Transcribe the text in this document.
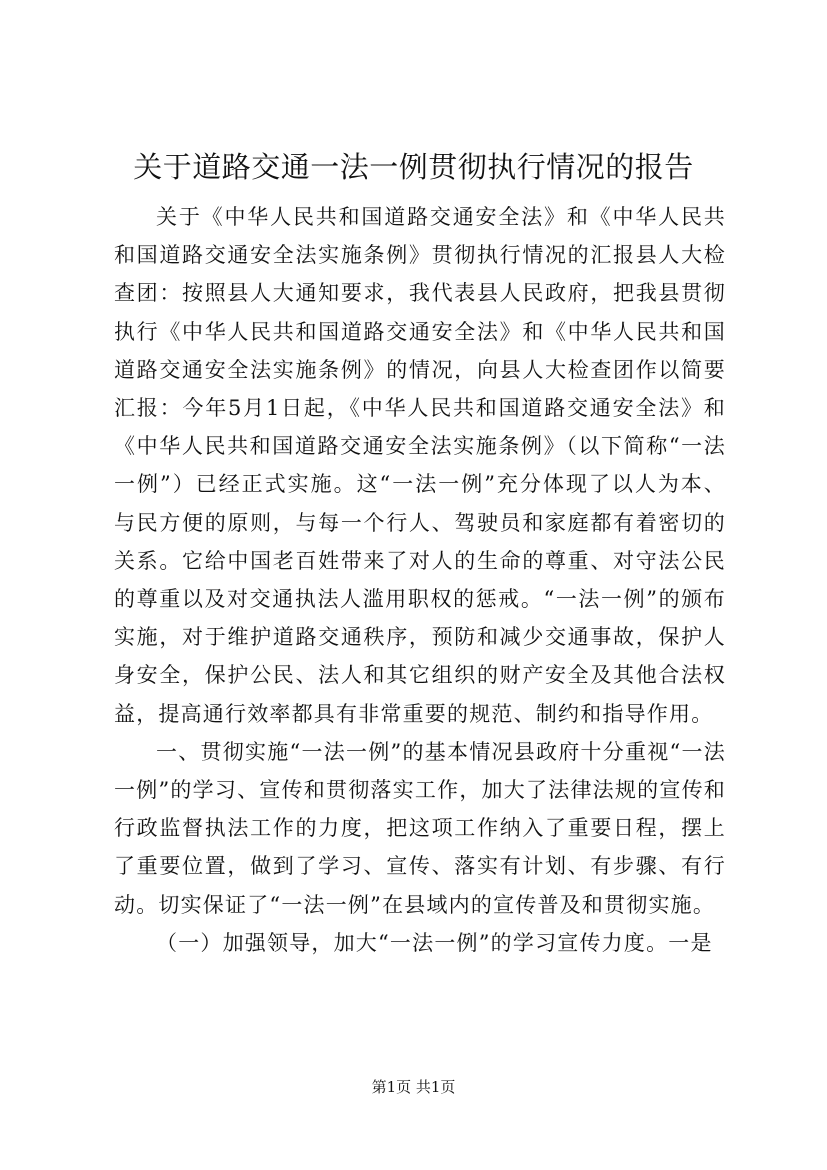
关于道路交通一法一例贯彻执行情况的报告

关于《中华人民共和国道路交通安全法》和《中华人民共和国道路交通安全法实施条例》贯彻执行情况的汇报县人大检查团：按照县人大通知要求，我代表县人民政府，把我县贯彻执行《中华人民共和国道路交通安全法》和《中华人民共和国道路交通安全法实施条例》的情况，向县人大检查团作以简要汇报：今年5月1日起，《中华人民共和国道路交通安全法》和《中华人民共和国道路交通安全法实施条例》（以下简称“一法一例”）已经正式实施。这“一法一例”充分体现了以人为本、与民方便的原则，与每一个行人、驾驶员和家庭都有着密切的关系。它给中国老百姓带来了对人的生命的尊重、对守法公民的尊重以及对交通执法人滥用职权的惩戒。“一法一例”的颁布实施，对于维护道路交通秩序，预防和减少交通事故，保护人身安全，保护公民、法人和其它组织的财产安全及其他合法权益，提高通行效率都具有非常重要的规范、制约和指导作用。

一、贯彻实施“一法一例”的基本情况县政府十分重视“一法一例”的学习、宣传和贯彻落实工作，加大了法律法规的宣传和行政监督执法工作的力度，把这项工作纳入了重要日程，摆上了重要位置，做到了学习、宣传、落实有计划、有步骤、有行动。切实保证了“一法一例”在县域内的宣传普及和贯彻实施。

（一）加强领导，加大“一法一例”的学习宣传力度。一是

第1页 共1页
